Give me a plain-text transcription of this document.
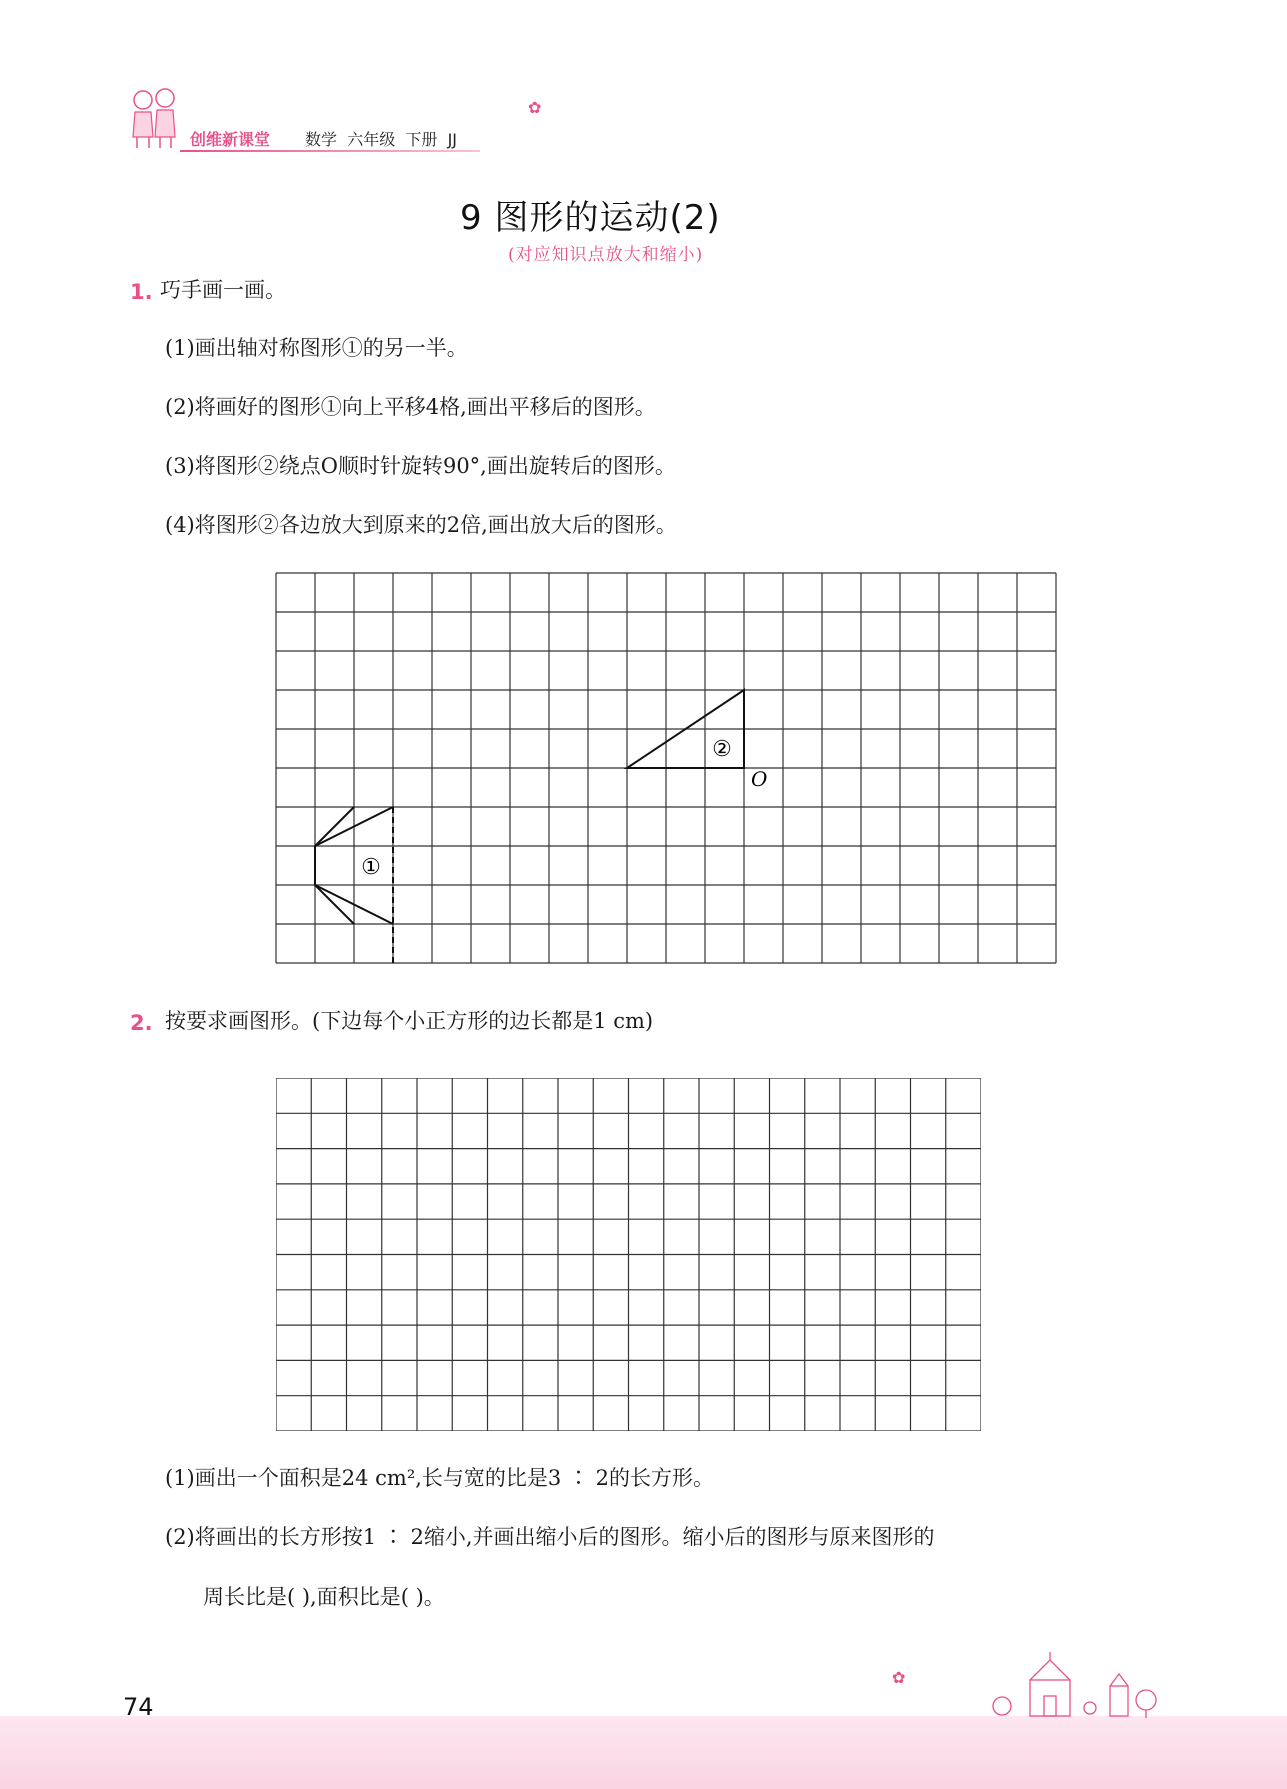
创维新课堂 数学 六年级 下册 JJ
✿
9 图形的运动(2)
(对应知识点放大和缩小)
1. 巧手画一画。
(1)画出轴对称图形①的另一半。
(2)将画好的图形①向上平移4格,画出平移后的图形。
(3)将图形②绕点O顺时针旋转90°,画出旋转后的图形。
(4)将图形②各边放大到原来的2倍,画出放大后的图形。
①
②
O
2. 按要求画图形。(下边每个小正方形的边长都是1 cm)
(1)画出一个面积是24 cm²,长与宽的比是3 ∶ 2的长方形。
(2)将画出的长方形按1 ∶ 2缩小,并画出缩小后的图形。缩小后的图形与原来图形的
周长比是( ),面积比是( )。
74
✿
